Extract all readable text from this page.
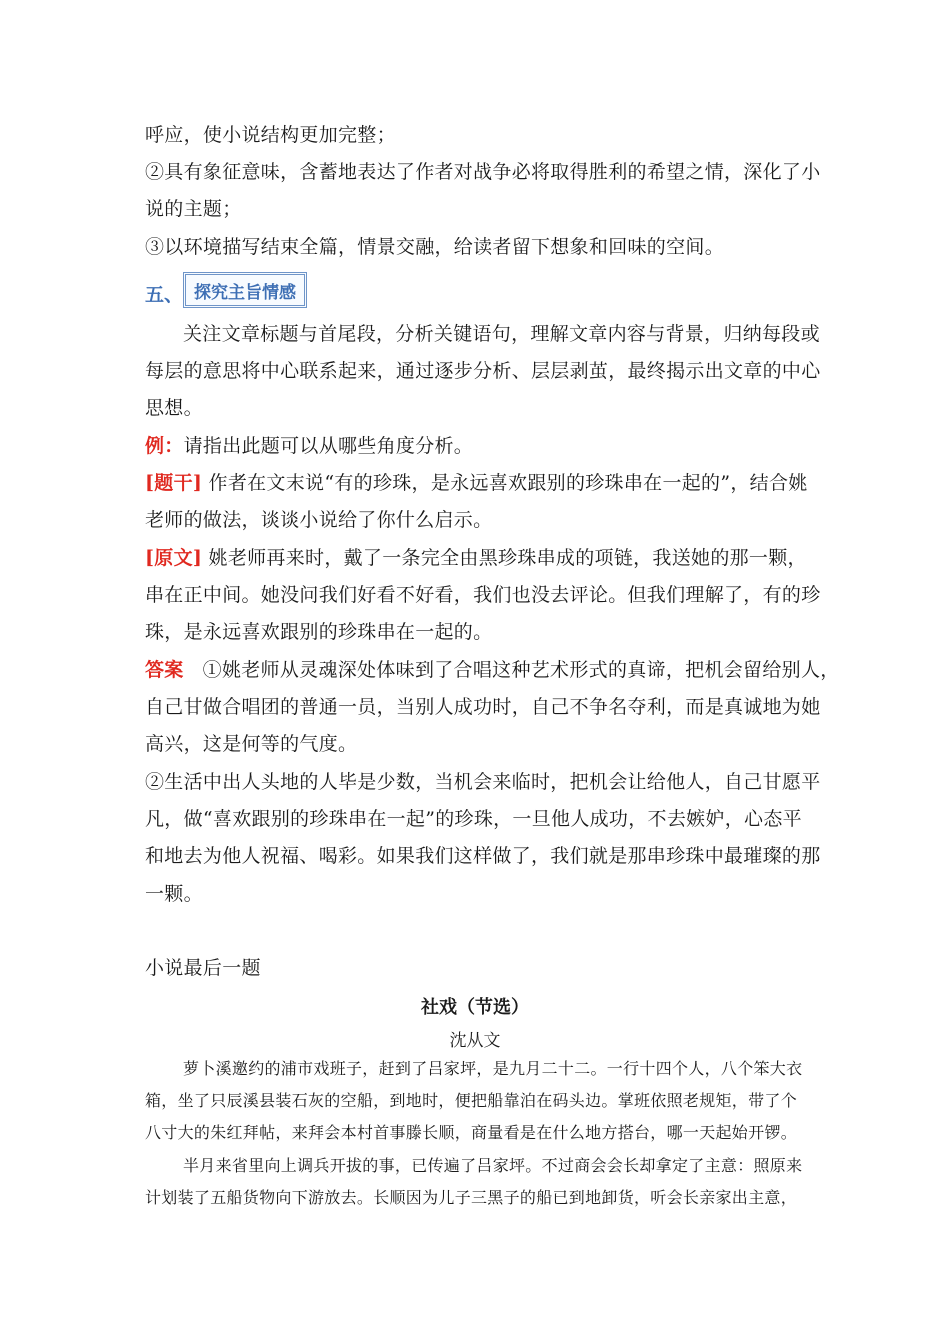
呼应，使小说结构更加完整；
②具有象征意味，含蓄地表达了作者对战争必将取得胜利的希望之情，深化了小
说的主题；
③以环境描写结束全篇，情景交融，给读者留下想象和回味的空间。
五、 探究主旨情感
关注文章标题与首尾段，分析关键语句，理解文章内容与背景，归纳每段或
每层的意思将中心联系起来，通过逐步分析、层层剥茧，最终揭示出文章的中心
思想。
例：请指出此题可以从哪些角度分析。
[题干] 作者在文末说“有的珍珠，是永远喜欢跟别的珍珠串在一起的”，结合姚
老师的做法，谈谈小说给了你什么启示。
[原文] 姚老师再来时，戴了一条完全由黑珍珠串成的项链，我送她的那一颗，
串在正中间。她没问我们好看不好看，我们也没去评论。但我们理解了，有的珍
珠，是永远喜欢跟别的珍珠串在一起的。
答案 ①姚老师从灵魂深处体味到了合唱这种艺术形式的真谛，把机会留给别人，
自己甘做合唱团的普通一员，当别人成功时，自己不争名夺利，而是真诚地为她
高兴，这是何等的气度。
②生活中出人头地的人毕是少数，当机会来临时，把机会让给他人，自己甘愿平
凡，做“喜欢跟别的珍珠串在一起”的珍珠，一旦他人成功，不去嫉妒，心态平
和地去为他人祝福、喝彩。如果我们这样做了，我们就是那串珍珠中最璀璨的那
一颗。
小说最后一题
社戏（节选）
沈从文
萝卜溪邀约的浦市戏班子，赶到了吕家坪，是九月二十二。一行十四个人，八个笨大衣
箱，坐了只辰溪县装石灰的空船，到地时，便把船靠泊在码头边。掌班依照老规矩，带了个
八寸大的朱红拜帖，来拜会本村首事滕长顺，商量看是在什么地方搭台，哪一天起始开锣。
半月来省里向上调兵开拔的事，已传遍了吕家坪。不过商会会长却拿定了主意：照原来
计划装了五船货物向下游放去。长顺因为儿子三黑子的船已到地卸货，听会长亲家出主意，
